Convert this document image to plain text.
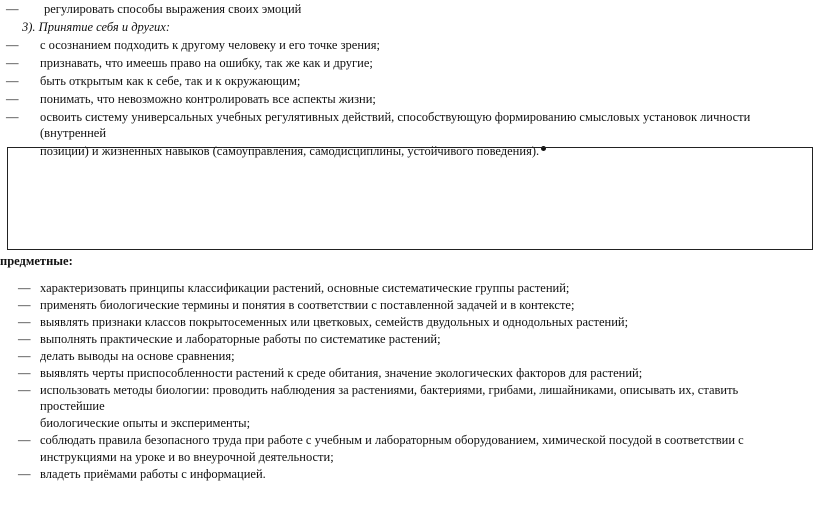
—	регулировать способы выражения своих эмоций
3). Принятие себя и других:
—	с осознанием подходить к другому человеку и его точке зрения;
—	признавать, что имеешь право на ошибку, так же как и другие;
—	быть открытым как к себе, так и к окружающим;
—	понимать, что невозможно контролировать все аспекты жизни;
—	освоить систему универсальных учебных регулятивных действий, способствующую формированию смысловых установок личности (внутренней
позиции) и жизненных навыков (самоуправления, самодисциплины, устойчивого поведения).
предметные:
— характеризовать принципы классификации растений, основные систематические группы растений;
— применять биологические термины и понятия в соответствии с поставленной задачей и в контексте;
— выявлять признаки классов покрытосеменных или цветковых, семейств двудольных и однодольных растений;
— выполнять практические и лабораторные работы по систематике растений;
— делать выводы на основе сравнения;
— выявлять черты приспособленности растений к среде обитания, значение экологических факторов для растений;
— использовать методы биологии: проводить наблюдения за растениями, бактериями, грибами, лишайниками, описывать их, ставить простейшие
биологические опыты и эксперименты;
— соблюдать правила безопасного труда при работе с учебным и лабораторным оборудованием, химической посудой в соответствии с
инструкциями на уроке и во внеурочной деятельности;
— владеть приёмами работы с информацией.
